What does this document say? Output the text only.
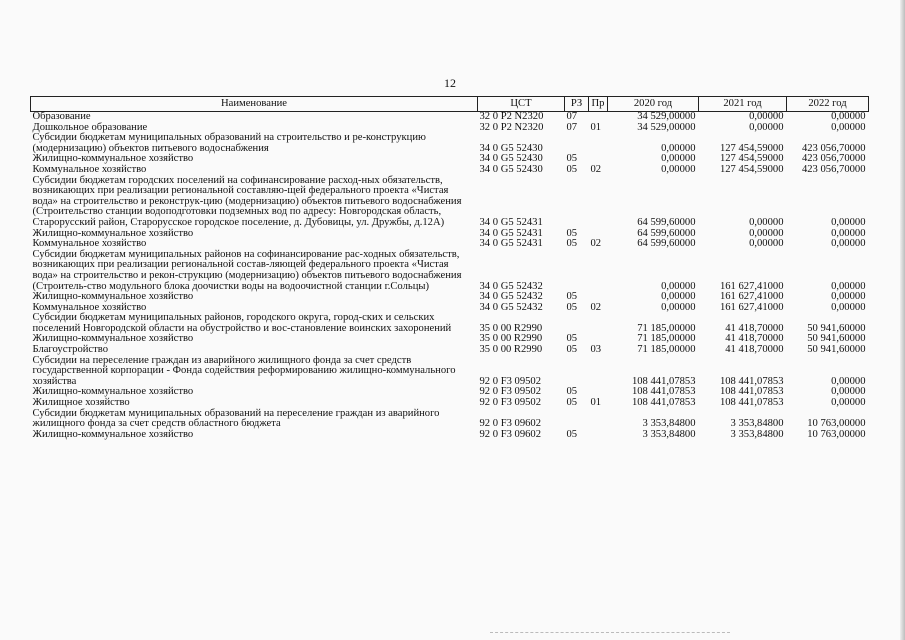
12
Наименование	ЦСТ	РЗ	Пр	2020 год	2021 год	2022 год
Образование	32 0 P2 N2320	07		34 529,00000	0,00000	0,00000
Дошкольное образование	32 0 P2 N2320	07	01	34 529,00000	0,00000	0,00000
Субсидии бюджетам муниципальных образований на строительство и ре-конструкцию (модернизацию) объектов питьевого водоснабжения	34 0 G5 52430			0,00000	127 454,59000	423 056,70000
Жилищно-коммунальное хозяйство	34 0 G5 52430	05		0,00000	127 454,59000	423 056,70000
Коммунальное хозяйство	34 0 G5 52430	05	02	0,00000	127 454,59000	423 056,70000
Субсидии бюджетам городских поселений на софинансирование расход-ных обязательств, возникающих при реализации региональной составляю-щей федерального проекта «Чистая вода» на строительство и реконструк-цию (модернизацию) объектов питьевого водоснабжения (Строительство станции водоподготовки подземных вод по адресу: Новгородская область, Старорусский район, Старорусское городское поселение, д. Дубовицы, ул. Дружбы, д.12А)	34 0 G5 52431			64 599,60000	0,00000	0,00000
Жилищно-коммунальное хозяйство	34 0 G5 52431	05		64 599,60000	0,00000	0,00000
Коммунальное хозяйство	34 0 G5 52431	05	02	64 599,60000	0,00000	0,00000
Субсидии бюджетам муниципальных районов на софинансирование рас-ходных обязательств, возникающих при реализации региональной состав-ляющей федерального проекта «Чистая вода» на строительство и рекон-струкцию (модернизацию) объектов питьевого водоснабжения (Строитель-ство модульного блока доочистки воды на водоочистной станции г.Сольцы)	34 0 G5 52432			0,00000	161 627,41000	0,00000
Жилищно-коммунальное хозяйство	34 0 G5 52432	05		0,00000	161 627,41000	0,00000
Коммунальное хозяйство	34 0 G5 52432	05	02	0,00000	161 627,41000	0,00000
Субсидии бюджетам муниципальных районов, городского округа, город-ских и сельских поселений Новгородской области на обустройство и вос-становление воинских захоронений	35 0 00 R2990			71 185,00000	41 418,70000	50 941,60000
Жилищно-коммунальное хозяйство	35 0 00 R2990	05		71 185,00000	41 418,70000	50 941,60000
Благоустройство	35 0 00 R2990	05	03	71 185,00000	41 418,70000	50 941,60000
Субсидии на переселение граждан из аварийного жилищного фонда за счет средств государственной корпорации - Фонда содействия реформированию жилищно-коммунального хозяйства	92 0 F3 09502			108 441,07853	108 441,07853	0,00000
Жилищно-коммунальное хозяйство	92 0 F3 09502	05		108 441,07853	108 441,07853	0,00000
Жилищное хозяйство	92 0 F3 09502	05	01	108 441,07853	108 441,07853	0,00000
Субсидии бюджетам муниципальных образований на переселение граждан из аварийного жилищного фонда за счет средств областного бюджета	92 0 F3 09602			3 353,84800	3 353,84800	10 763,00000
Жилищно-коммунальное хозяйство	92 0 F3 09602	05		3 353,84800	3 353,84800	10 763,00000
